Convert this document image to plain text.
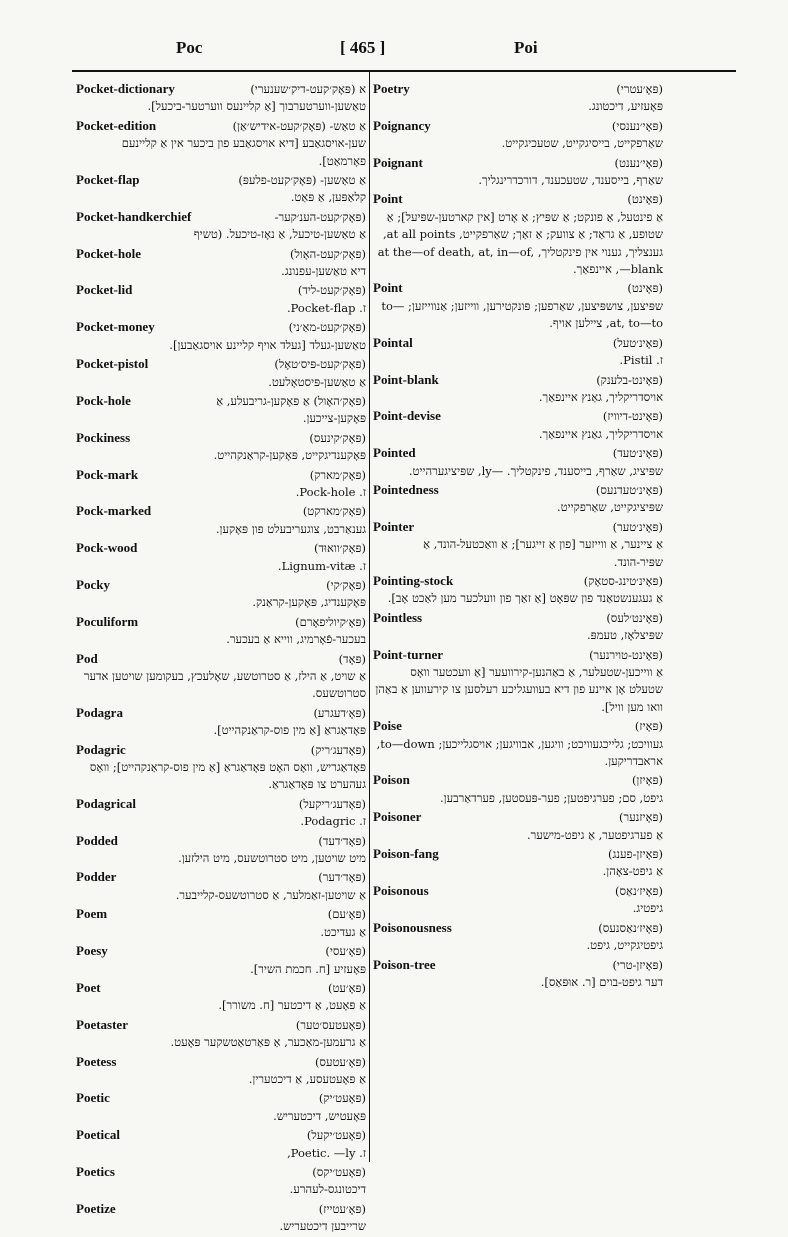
Poc	[ 465 ]	Poi
Pocket-dictionary	א (פּאָק׳קעט-דיק׳שענערי)
טאַשען-ווערטערבוך [אַ קליינעס ווערטער-ביכעל].
Pocket-edition	אַ טאַש- (פּאָק׳קעט-אידיש׳אַן)
שען-אויסגאַבע [דיא אויסגאַבע פון ביכער אין אַ קליינעם פאָרמאַט].
Pocket-flap	אַ טאַשען- (פּאָק׳קעט-פלעפּ)
קלאַפּען, אַ פּאַט.
Pocket-handkerchief	(פּאָק׳קעט-הענ׳קער-
אַ טאַשען-טיכעל, אַ נאָז-טיכעל. (טשיף
Pocket-hole	(פּאָק׳קעט-האָול)
דיא טאַשען-עפנונג.
Pocket-lid	(פּאָק׳קעט-ליד)
ז. Pocket-flap.
Pocket-money	(פּאָק׳קעט-מאַ׳ני)
טאַשען-געלד [געלד אויף קליינע אויסגאַבען].
Pocket-pistol	(פּאָק׳קעט-פּיס׳טאָל)
אַ טאַשען-פּיסטאָלעט.
Pock-hole	(פּאָק׳האָול) אַ פּאָקען-גריבעלע, אַ
פּאָקען-צייכען.
Pockiness	(פּאָק׳קינעס)
פּאָקענדיגקייט, פּאָקען-קראַנקהייט.
Pock-mark	(פּאָק׳מארק)
ז. Pock-hole.
Pock-marked	(פּאָק׳מארקט)
גענאַרבט, צוגעריבעלט פון פּאָקען.
Pock-wood	(פּאָק׳וואוּד)
ז. Lignum-vitæ.
Pocky	(פּאָק׳קי)
פּאָקענדיג, פּאָקען-קראַנק.
Poculiform	(פּאָ׳קיוליפאָרם)
בעכער-פֿאָרמיג, ווייא אַ בעכער.
Pod	(פּאָד)
אַ שויט, אַ הילז, אַ סטרוטשע, שאָלעכץ, בעקומען שויטען אדער סטרוטשעס.
Podagra	(פּאָ׳דעגרע)
פּאָדאַגראַ [אַ מין פוס-קראַנקהייט].
Podagric	(פּאָדעג׳ריק)
פּאָדאַגריש, וואָס האָט פּאָדאַגראַ [אַ מין פוס-קראַנקהייט]; וואָס געהערט צו פּאָדאַגראַ.
Podagrical	(פּאָדעג׳ריקעל)
ז. Podagric.
Podded	(פּאָד׳דעד)
מיט שויטען, מיט סטרוטשעס, מיט הילזען.
Podder	(פּאָד׳דער)
אַ שויטען-זאַמלער, אַ סטרוטשעס-קלייבער.
Poem	(פּאָ׳עם)
אַ געדיכט.
Poesy	(פּאָ׳עסי)
פּאָעזיע [ח. חכמת השיר].
Poet	(פּאָ׳עט)
אַ פּאָעט, אַ דיכטער [ח. משורר].
Poetaster	(פּאָעטעס׳טער)
אַ גרעמען-מאַכער, אַ פּאַרטאַטשקער פּאָעט.
Poetess	(פּאָ׳עטעס)
אַ פּאָעטעסע, אַ דיכטערין.
Poetic	(פּאָעט׳יק)
פּאָעטיש, דיכטעריש.
Poetical	(פּאָעט׳יקעל)
ז. Poetic. —ly,
Poetics	(פּאָעט׳יקס)
דיכטונגס-לעהרע.
Poetize	(פּאָ׳עטייז)
שרייבען דיכטעריש.
Poetry	(פּאָ׳עטרי)
פּאָעזיע, דיכטונג.
Poignancy	(פּאָי׳נענסי)
שאַרפקייט, בייסיגקייט, שטעכיגקייט.
Poignant	(פּאָי׳נענט)
שאַרף, בייסענד, שטעכענד, דורכדרינגליך.
Point	(פּאָינט)
אַ פינטעל, אַ פונקט; אַ שפּיץ; אַ אָרט [אין קארטען-שפּיעל]; אַ שטופע, אַ גראַד; אַ צוועק; אַ זאַך; שאַרפקייט, at all points, גענצליך, גענוי אין פינקטליך, at the—of death, at, in—of, blank—, איינפאַך.
Point	(פּאָינט)
שפּיצען, צושפּיצען, שאַרפען; פּונקטירען, ווייזען; אַנווייזען; to—at, to—to, ציילען אויף.
Pointal	(פּאָינ׳טעל)
ז. Pistil.
Point-blank	(פּאָינט-בלענק)
אויסדריקליך, גאַנץ איינפאַך.
Point-devise	(פּאָינט-דיוויז)
אויסדריקליך, גאַנץ איינפאַך.
Pointed	(פּאָינ׳טעד)
שפּיציג, שאַרף, בייסענד, פינקטליך. —ly, שפּיציגערהייט.
Pointedness	(פּאָינ׳טעדנעס)
שפּיציגקייט, שאַרפקייט.
Pointer	(פּאָינ׳טער)
אַ ציינער, אַ ווייזער [פון אַ זייגער]; אַ וואַכטעל-הונד, אַ שפּיר-הונד.
Pointing-stock	(פּאָינ׳טינג-סטאָק)
אַ געגענשטאַנד פון שפּאָט [אַ זאַך פון וועלכער מען לאַכט אָב].
Pointless	(פּאָינט׳לעס)
שפּיצלאָז, טעמפּ.
Point-turner	(פּאָינט-טוירנער)
אַ ווייכען-שטעלער, אַ באַהנען-קירוועער [אַ וועכטער וואָס שטעלט אָן איינע פון דיא בעוועגליכע רעלסען צו קירעווען אַ באַהן וואו מען וויל].
Poise	(פּאָיז)
געוויכט; גלייכגעוויכט; וויגען, אבוויגען; אויסגלייכען; to—down, אראבדריקען.
Poison	(פּאָיזן)
גיפט, סם; פערגיפטען; פער-פּעסטען, פערדאַרבען.
Poisoner	(פּאָיזנער)
אַ פערגיפטער, אַ גיפט-מישער.
Poison-fang	(פּאָיזן-פענג)
אַ גיפט-צאָהן.
Poisonous	(פּאָיז׳נאַס)
גיפטיג.
Poisonousness	(פּאָיז׳נאַסנעס)
גיפטיגקייט, גיפט.
Poison-tree	(פּאָיזן-טרי)
דער גיפט-בוים [ר. אוּפּאַס].
